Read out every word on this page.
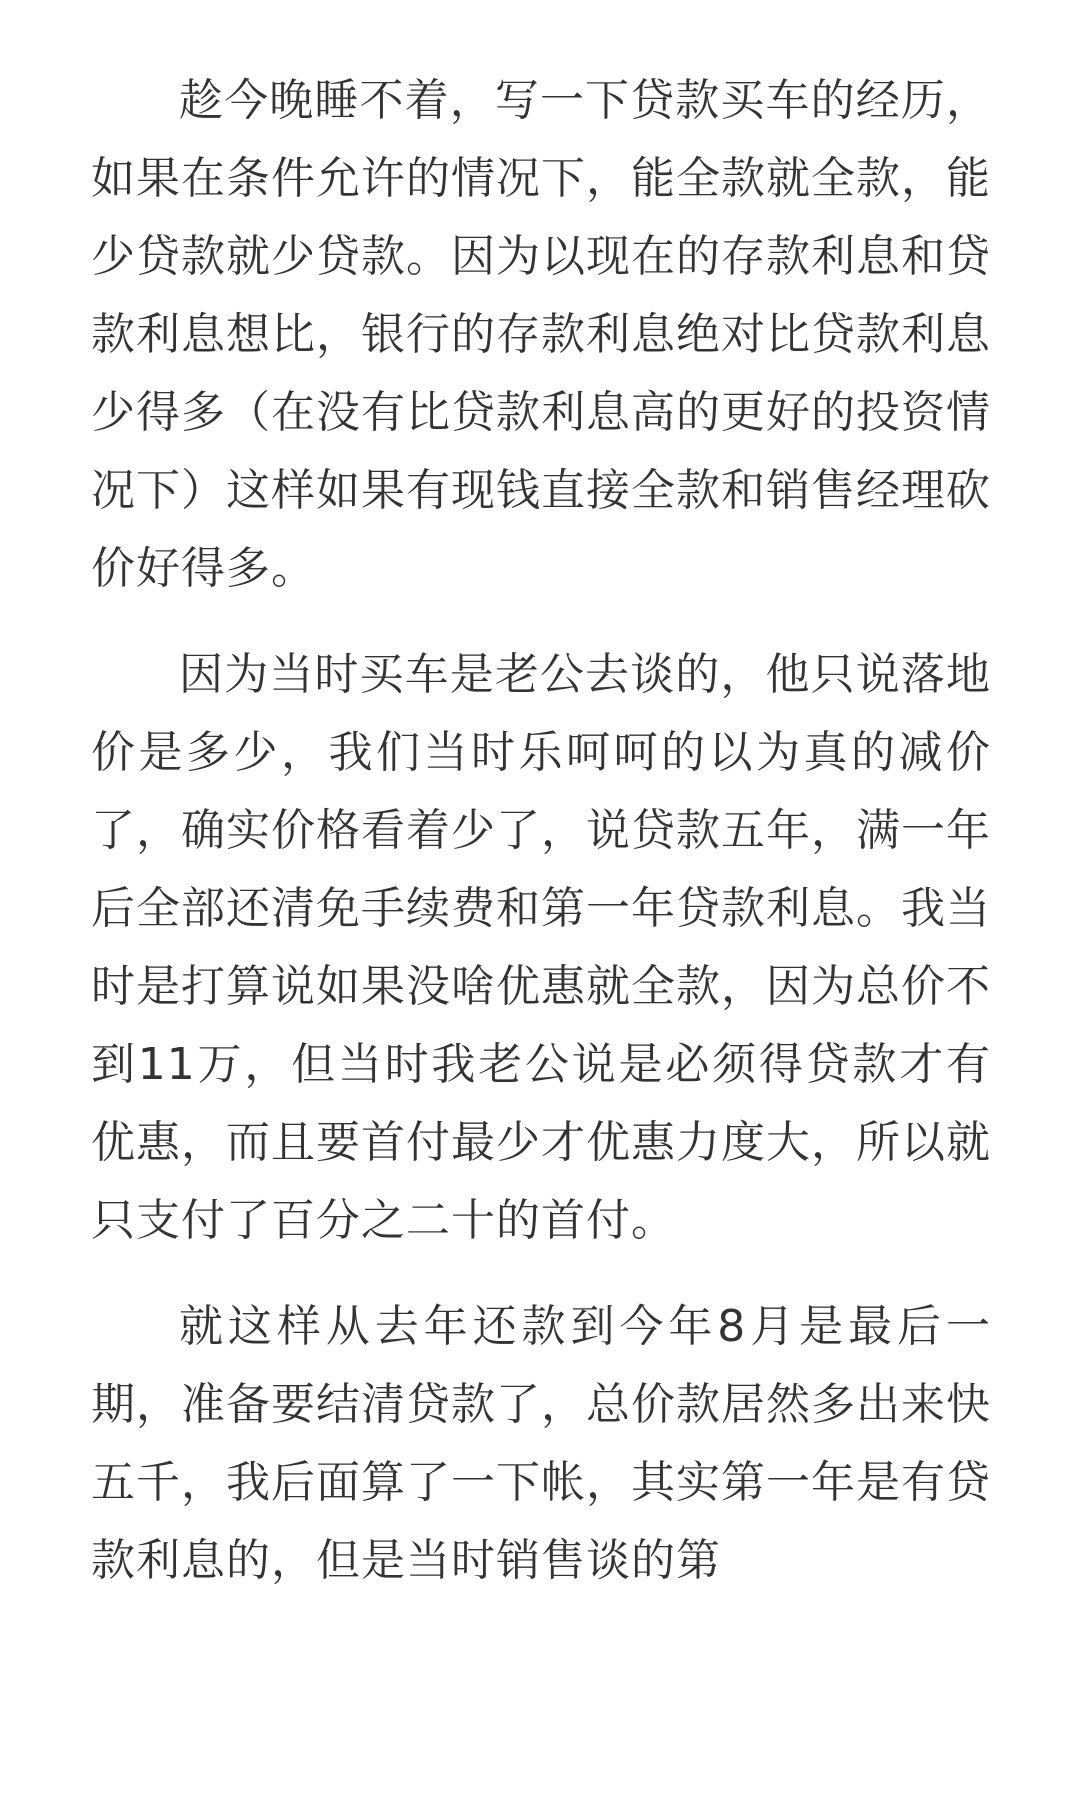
趁今晚睡不着，写一下贷款买车的经历，如果在条件允许的情况下，能全款就全款，能少贷款就少贷款。因为以现在的存款利息和贷款利息想比，银行的存款利息绝对比贷款利息少得多（在没有比贷款利息高的更好的投资情况下）这样如果有现钱直接全款和销售经理砍价好得多。

因为当时买车是老公去谈的，他只说落地价是多少，我们当时乐呵呵的以为真的减价了，确实价格看着少了，说贷款五年，满一年后全部还清免手续费和第一年贷款利息。我当时是打算说如果没啥优惠就全款，因为总价不到11万，但当时我老公说是必须得贷款才有优惠，而且要首付最少才优惠力度大，所以就只支付了百分之二十的首付。

就这样从去年还款到今年8月是最后一期，准备要结清贷款了，总价款居然多出来快五千，我后面算了一下帐，其实第一年是有贷款利息的，但是当时销售谈的第
